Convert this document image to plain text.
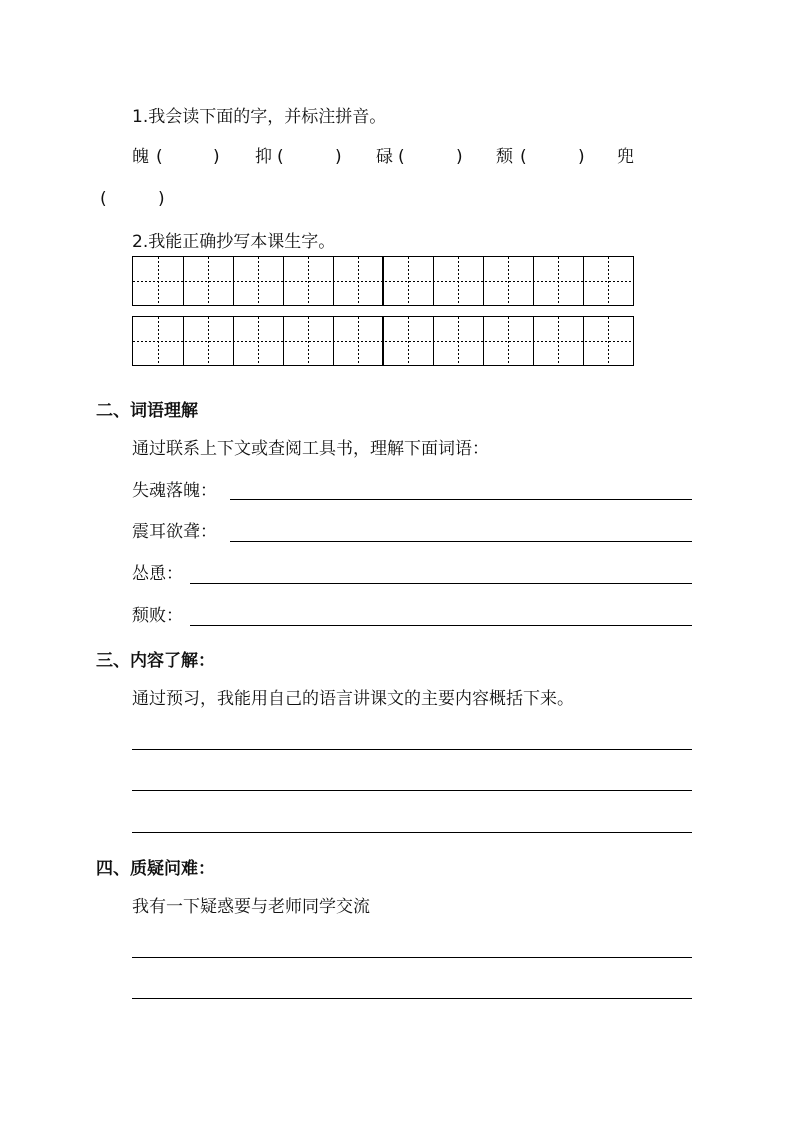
1.我会读下面的字，并标注拼音。
魄 (	) 抑 (	) 碌 (	) 颓 (	) 兜
(	)
2.我能正确抄写本课生字。
二、词语理解
通过联系上下文或查阅工具书，理解下面词语：
失魂落魄：
震耳欲聋：
怂恿：
颓败：
三、内容了解：
通过预习，我能用自己的语言讲课文的主要内容概括下来。
四、质疑问难：
我有一下疑惑要与老师同学交流
